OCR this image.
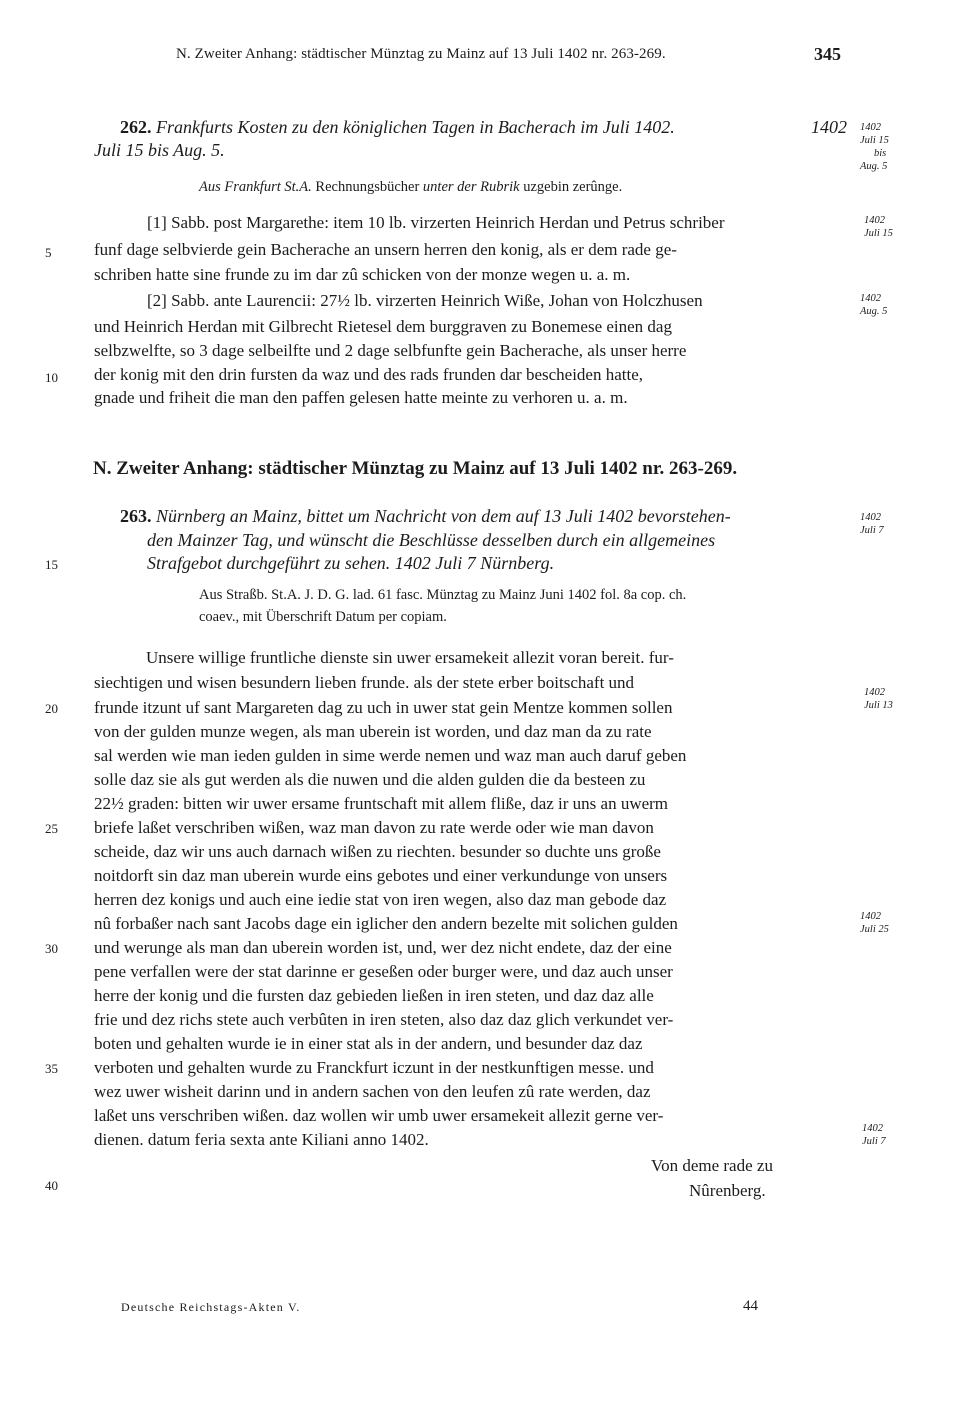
N. Zweiter Anhang: städtischer Münztag zu Mainz auf 13 Juli 1402 nr. 263-269.	345
262. Frankfurts Kosten zu den königlichen Tagen in Bacherach im Juli 1402.	1402
Juli 15 bis Aug. 5.
1402
Juli 15
bis
Aug. 5
Aus Frankfurt St.A. Rechnungsbücher unter der Rubrik uzgebin zerûnge.
[1] Sabb. post Margarethe: item 10 lb. virzerten Heinrich Herdan und Petrus schriber
funf dage selbvierde gein Bacherache an unsern herren den konig, als er dem rade ge-
schriben hatte sine frunde zu im dar zû schicken von der monze wegen u. a. m.
[2] Sabb. ante Laurencii: 27½ lb. virzerten Heinrich Wiße, Johan von Holczhusen
und Heinrich Herdan mit Gilbrecht Rietesel dem burggraven zu Bonemese einen dag
selbzwelfte, so 3 dage selbeilfte und 2 dage selbfunfte gein Bacherache, als unser herre
der konig mit den drin fursten da waz und des rads frunden dar bescheiden hatte,
gnade und friheit die man den paffen gelesen hatte meinte zu verhoren u. a. m.
1402
Juli 15
1402
Aug. 5
N. Zweiter Anhang: städtischer Münztag zu Mainz auf 13 Juli 1402 nr. 263-269.
263. Nürnberg an Mainz, bittet um Nachricht von dem auf 13 Juli 1402 bevorstehen-
den Mainzer Tag, und wünscht die Beschlüsse desselben durch ein allgemeines
Strafgebot durchgeführt zu sehen. 1402 Juli 7 Nürnberg.
1402
Juli 7
Aus Straßb. St.A. J. D. G. lad. 61 fasc. Münztag zu Mainz Juni 1402 fol. 8a cop. ch.
coaev., mit Überschrift Datum per copiam.
Unsere willige fruntliche dienste sin uwer ersamekeit allezit voran bereit. fur-
siechtigen und wisen besundern lieben frunde. als der stete erber boitschaft und
frunde itzunt uf sant Margareten dag zu uch in uwer stat gein Mentze kommen sollen
von der gulden munze wegen, als man uberein ist worden, und daz man da zu rate
sal werden wie man ieden gulden in sime werde nemen und waz man auch daruf geben
solle daz sie als gut werden als die nuwen und die alden gulden die da besteen zu
22½ graden: bitten wir uwer ersame fruntschaft mit allem fliße, daz ir uns an uwerm
briefe laßet verschriben wißen, waz man davon zu rate werde oder wie man davon
scheide, daz wir uns auch darnach wißen zu riechten. besunder so duchte uns große
noitdorft sin daz man uberein wurde eins gebotes und einer verkundunge von unsers
herren dez konigs und auch eine iedie stat von iren wegen, also daz man gebode daz
nû forbaßer nach sant Jacobs dage ein iglicher den andern bezelte mit solichen gulden
und werunge als man dan uberein worden ist, und, wer dez nicht endete, daz der eine
pene verfallen were der stat darinne er geseßen oder burger were, und daz auch unser
herre der konig und die fursten daz gebieden ließen in iren steten, und daz daz alle
frie und dez richs stete auch verbûten in iren steten, also daz daz glich verkundet ver-
boten und gehalten wurde ie in einer stat als in der andern, und besunder daz daz
verboten und gehalten wurde zu Franckfurt iczunt in der nestkunftigen messe. und
wez uwer wisheit darinn und in andern sachen von den leufen zû rate werden, daz
laßet uns verschriben wißen. daz wollen wir umb uwer ersamekeit allezit gerne ver-
dienen. datum feria sexta ante Kiliani anno 1402.
Von deme rade zu
Nûrenberg.
1402
Juli 13
1402
Juli 25
1402
Juli 7
5
10
15
20
25
30
35
40
Deutsche Reichstags-Akten V.	44
